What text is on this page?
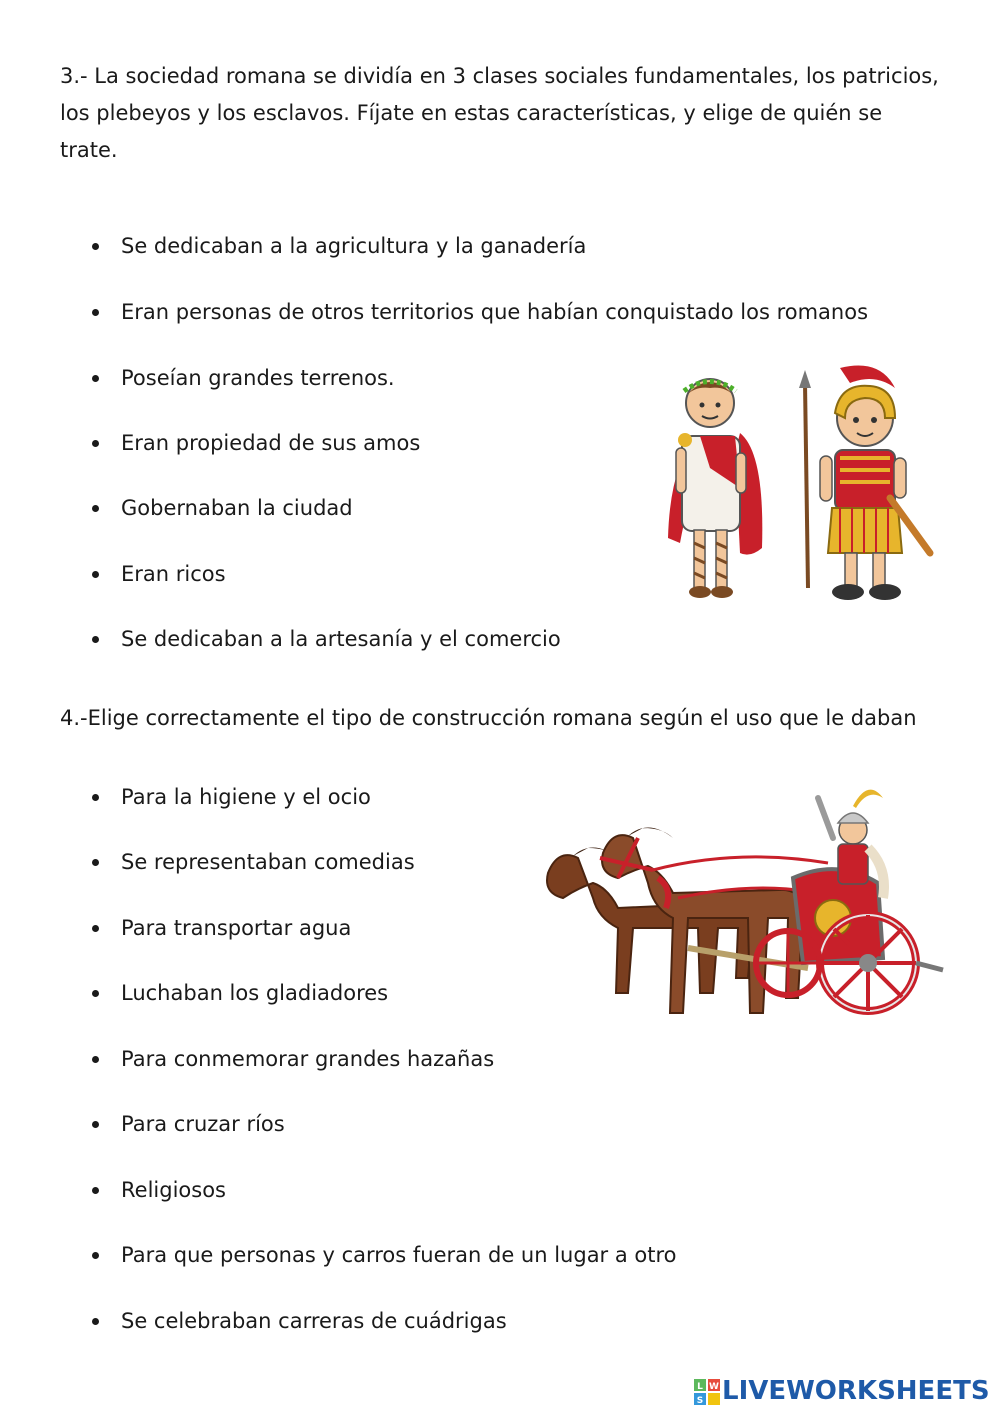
3.- La sociedad romana se dividía en 3 clases sociales fundamentales, los patricios, los plebeyos y los esclavos. Fíjate en estas características, y elige de quién se trate.

Se dedicaban a la agricultura y la ganadería
Eran personas de otros territorios que habían conquistado los romanos
Poseían grandes terrenos.
Eran propiedad de sus amos
Gobernaban la ciudad
Eran ricos
Se dedicaban a la artesanía y el comercio

4.-Elige correctamente el tipo de construcción romana según el uso que le daban

Para la higiene y el ocio
Se representaban comedias
Para transportar agua
Luchaban los gladiadores
Para conmemorar grandes hazañas
Para cruzar ríos
Religiosos
Para que personas y carros fueran de un lugar a otro
Se celebraban carreras de cuádrigas
L W
S LIVEWORKSHEETS
